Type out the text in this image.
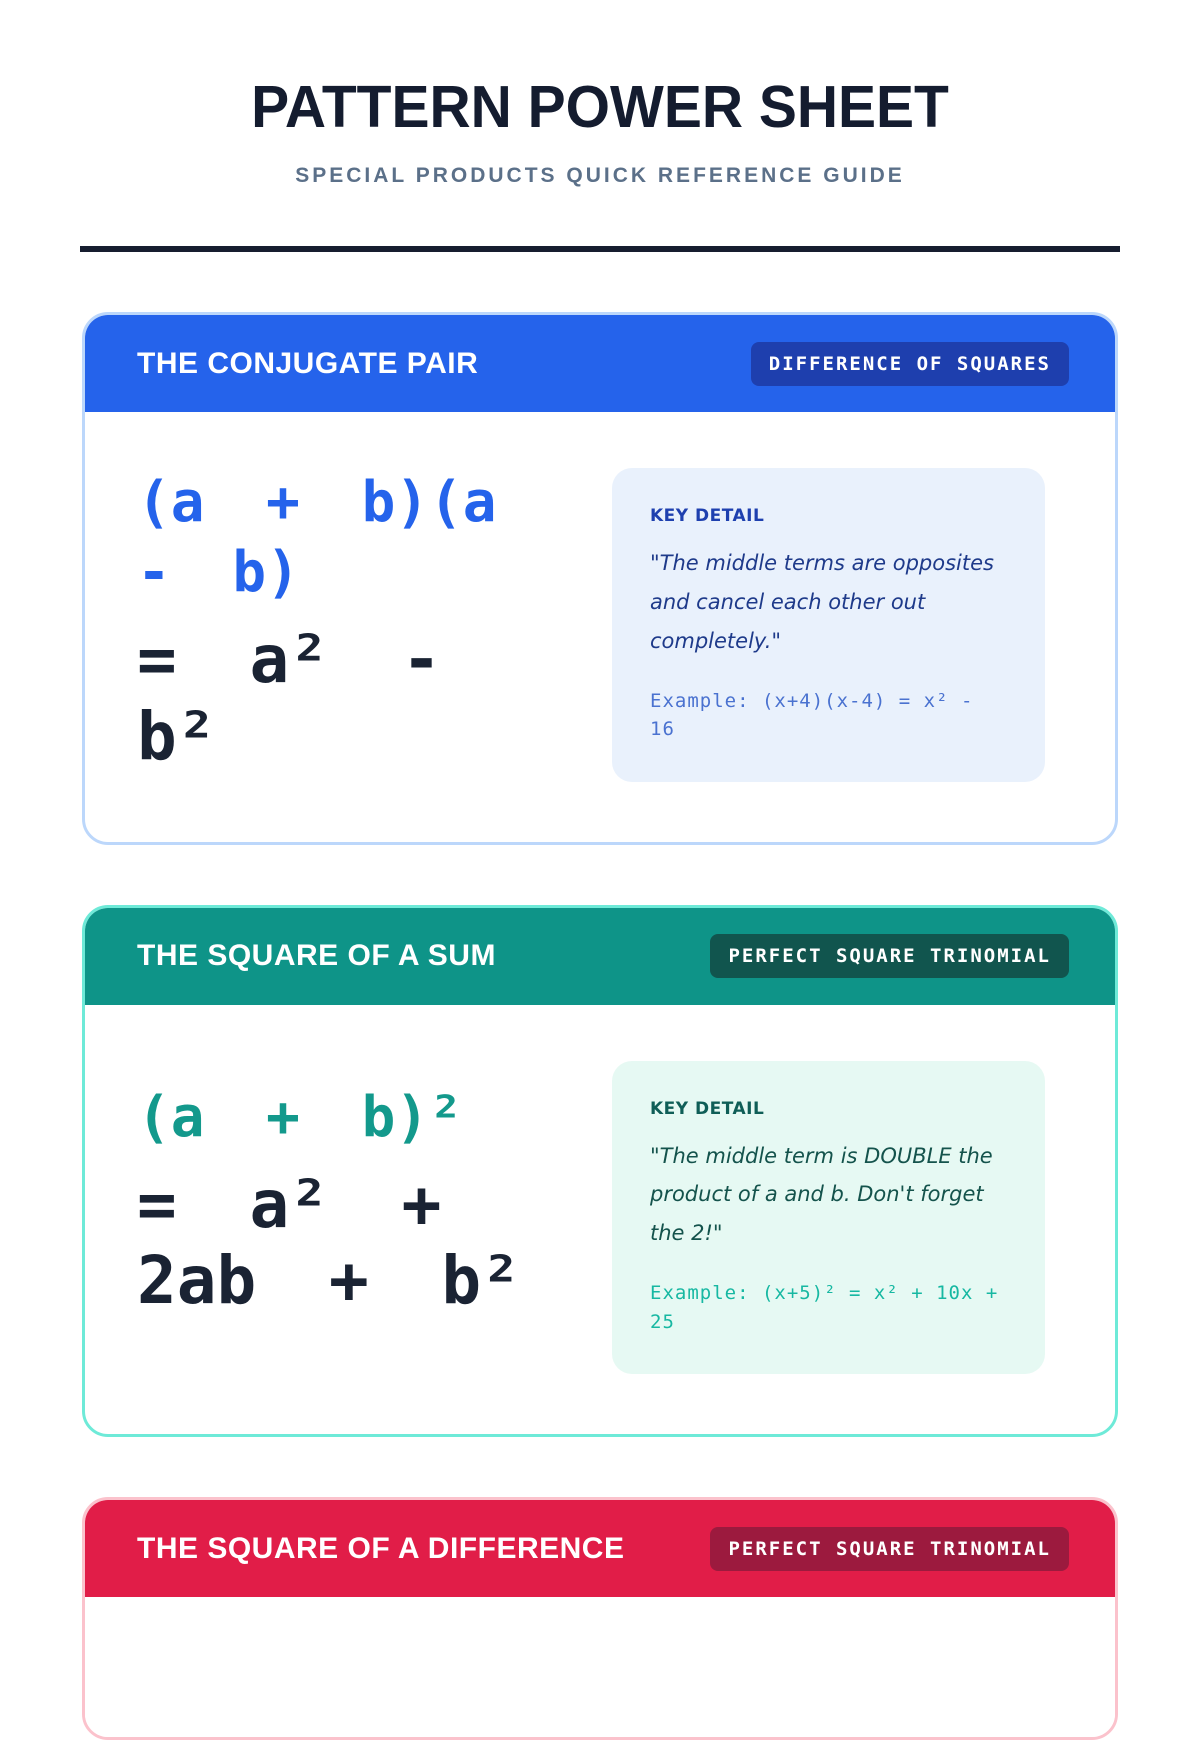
PATTERN POWER SHEET
SPECIAL PRODUCTS QUICK REFERENCE GUIDE
THE CONJUGATE PAIR	DIFFERENCE OF SQUARES
(a + b)(a - b)
= a² - b²
KEY DETAIL
"The middle terms are opposites and cancel each other out completely."
Example: (x+4)(x-4) = x² - 16
THE SQUARE OF A SUM	PERFECT SQUARE TRINOMIAL
(a + b)²
= a² + 2ab + b²
KEY DETAIL
"The middle term is DOUBLE the product of a and b. Don't forget the 2!"
Example: (x+5)² = x² + 10x + 25
THE SQUARE OF A DIFFERENCE	PERFECT SQUARE TRINOMIAL
